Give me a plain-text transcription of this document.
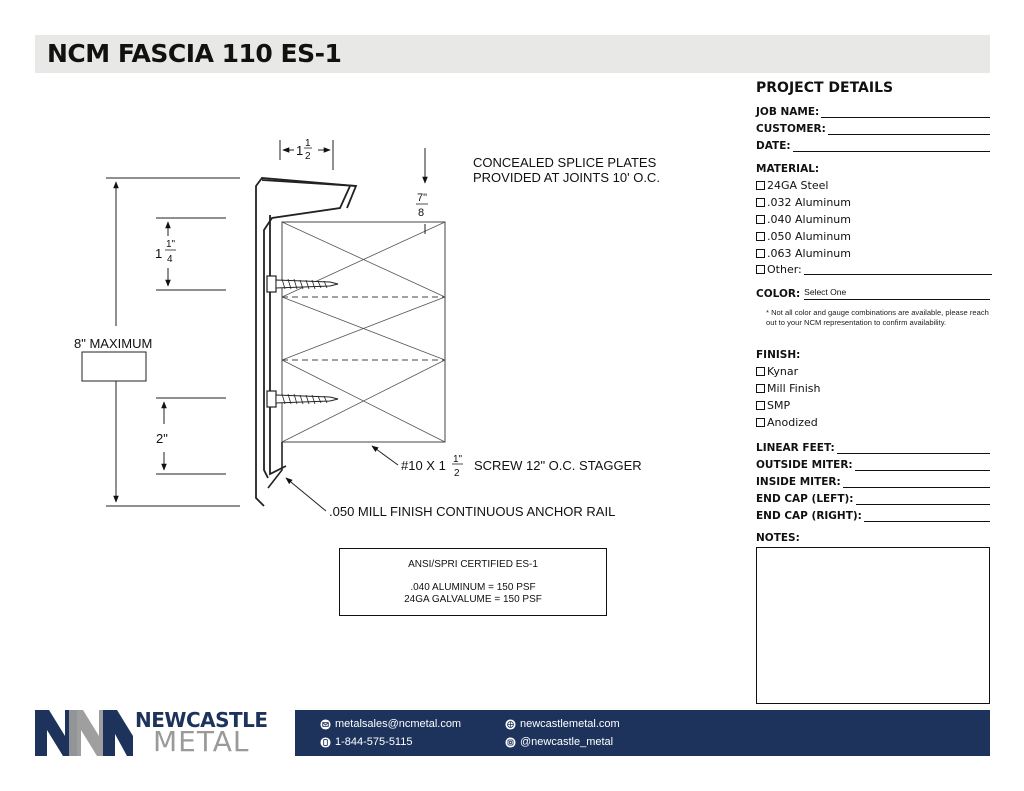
NCM FASCIA 110 ES-1
1 1
2
7"
8
CONCEALED SPLICE PLATES
PROVIDED AT JOINTS 10' O.C.
8" MAXIMUM
1
1"
4
2"
#10 X 1 1"
2
SCREW 12" O.C. STAGGER
.050 MILL FINISH CONTINUOUS ANCHOR RAIL
ANSI/SPRI CERTIFIED ES-1
.040 ALUMINUM = 150 PSF
24GA GALVALUME = 150 PSF
PROJECT DETAILS
JOB NAME:
CUSTOMER:
DATE:
MATERIAL:
24GA Steel
.032 Aluminum
.040 Aluminum
.050 Aluminum
.063 Aluminum
Other:
COLOR: Select One
* Not all color and gauge combinations are available, please reach out to your NCM representation to confirm availability.
FINISH:
Kynar
Mill Finish
SMP
Anodized
LINEAR FEET:
OUTSIDE MITER:
INSIDE MITER:
END CAP (LEFT):
END CAP (RIGHT):
NOTES:
NEWCASTLE
METAL
metalsales@ncmetal.com
1-844-575-5115
newcastlemetal.com
@newcastle_metal
